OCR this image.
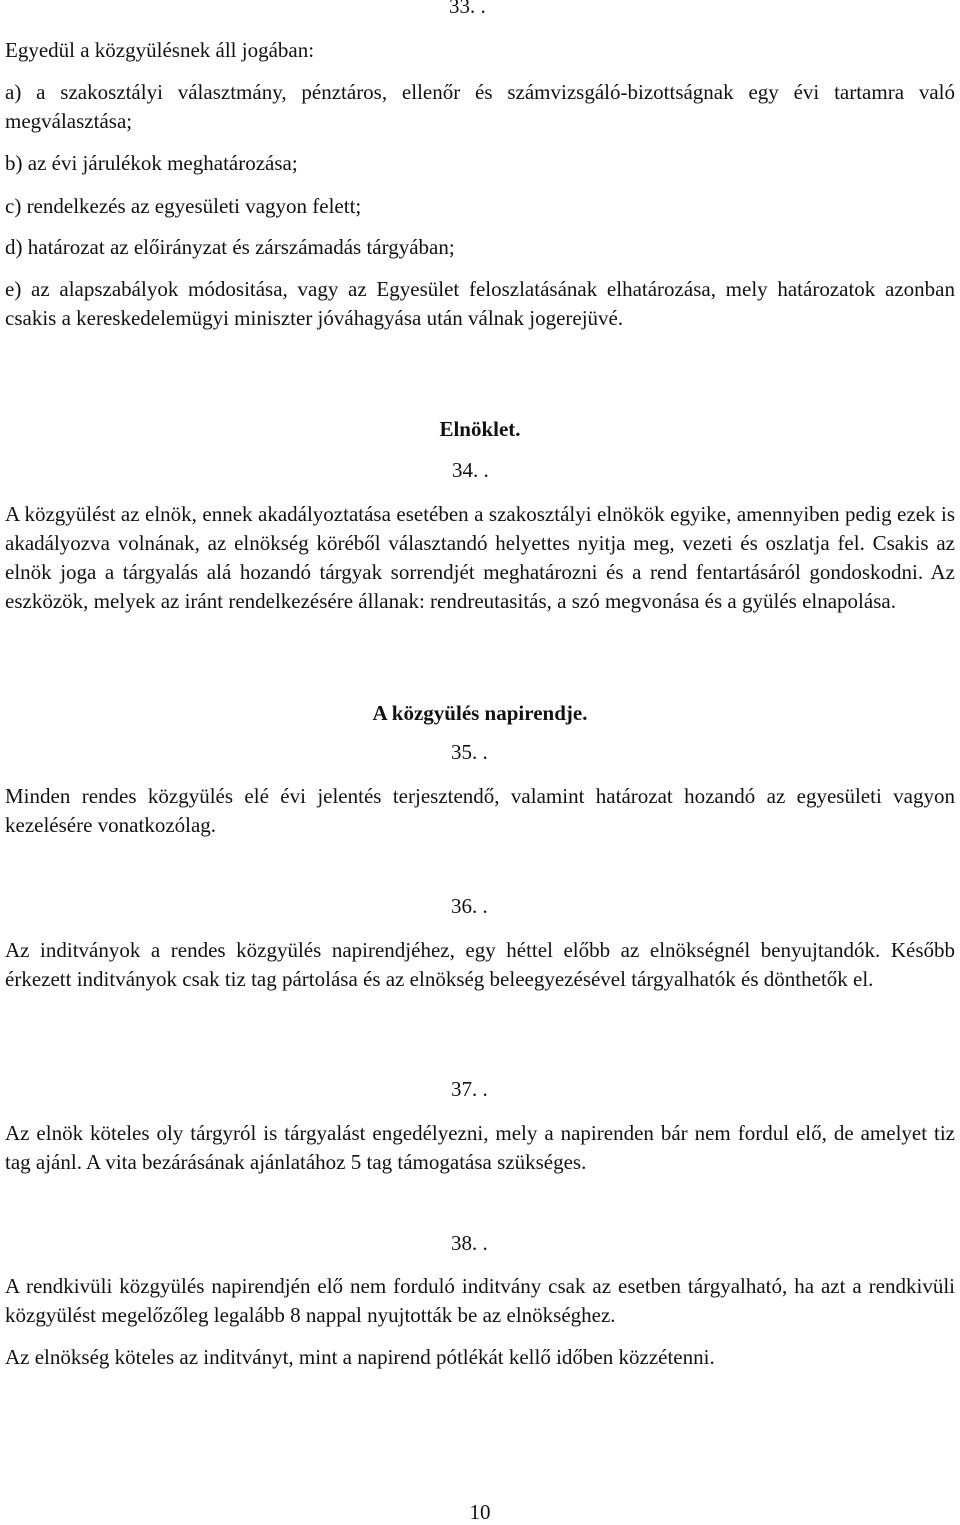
33. .
Egyedül a közgyülésnek áll jogában:
a) a szakosztályi választmány, pénztáros, ellenőr és számvizsgáló-bizottságnak egy évi tartamra való megválasztása;
b) az évi járulékok meghatározása;
c) rendelkezés az egyesületi vagyon felett;
d) határozat az előirányzat és zárszámadás tárgyában;
e) az alapszabályok módositása, vagy az Egyesület feloszlatásának elhatározása, mely határozatok azonban csakis a kereskedelemügyi miniszter jóváhagyása után válnak jogerejüvé.
Elnöklet.
34. .
A közgyülést az elnök, ennek akadályoztatása esetében a szakosztályi elnökök egyike, amennyiben pedig ezek is akadályozva volnának, az elnökség köréből választandó helyettes nyitja meg, vezeti és oszlatja fel. Csakis az elnök joga a tárgyalás alá hozandó tárgyak sorrendjét meghatározni és a rend fentartásáról gondoskodni. Az eszközök, melyek az iránt rendelkezésére állanak: rendreutasitás, a szó megvonása és a gyülés elnapolása.
A közgyülés napirendje.
35. .
Minden rendes közgyülés elé évi jelentés terjesztendő, valamint határozat hozandó az egyesületi vagyon kezelésére vonatkozólag.
36. .
Az inditványok a rendes közgyülés napirendjéhez, egy héttel előbb az elnökségnél benyujtandók. Később érkezett inditványok csak tiz tag pártolása és az elnökség beleegyezésével tárgyalhatók és dönthetők el.
37. .
Az elnök köteles oly tárgyról is tárgyalást engedélyezni, mely a napirenden bár nem fordul elő, de amelyet tiz tag ajánl. A vita bezárásának ajánlatához 5 tag támogatása szükséges.
38. .
A rendkivüli közgyülés napirendjén elő nem forduló inditvány csak az esetben tárgyalható, ha azt a rendkivüli közgyülést megelőzőleg legalább 8 nappal nyujtották be az elnökséghez.
Az elnökség köteles az inditványt, mint a napirend pótlékát kellő időben közzétenni.
10
